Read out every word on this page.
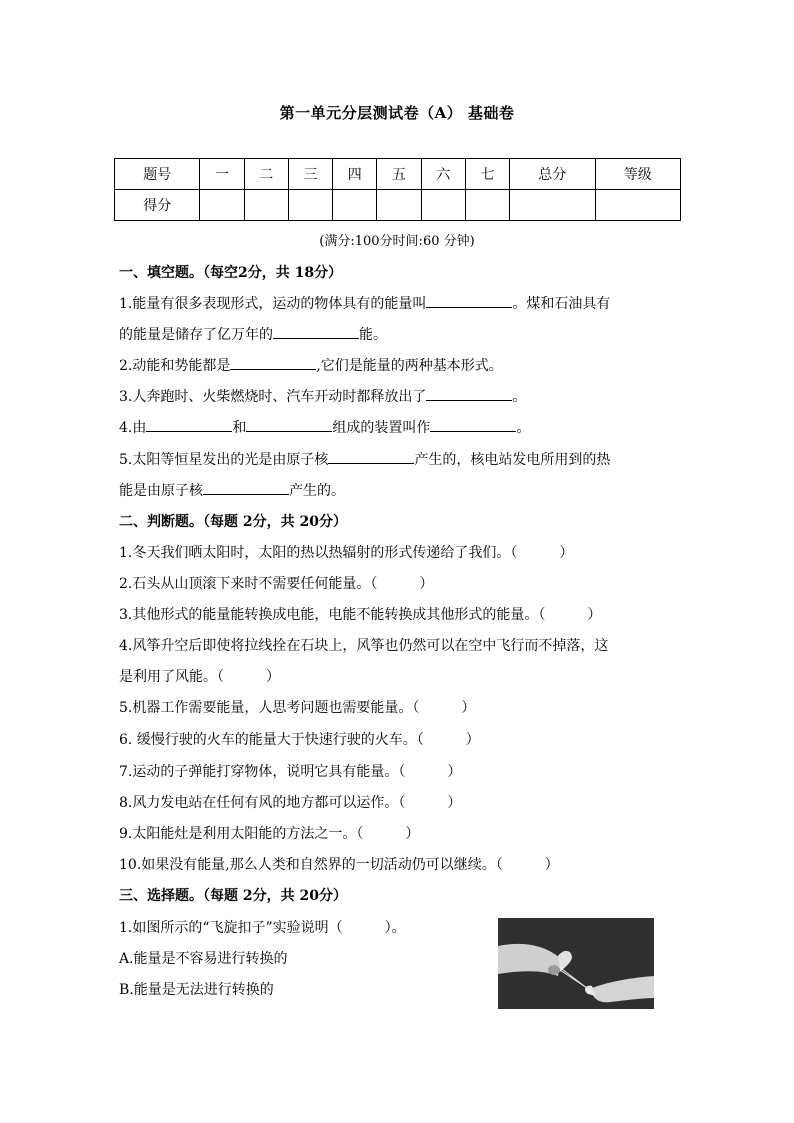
第一单元分层测试卷（A） 基础卷
题号	一	二	三	四	五	六	七	总分	等级
得分									
(满分:100分时间:60 分钟)
一、填空题。（每空2分，共 18分）
1.能量有很多表现形式，运动的物体具有的能量叫	。煤和石油具有
的能量是储存了亿万年的	能。
2.动能和势能都是	,它们是能量的两种基本形式。
3.人奔跑时、火柴燃烧时、汽车开动时都释放出了	。
4.由	和	组成的装置叫作	。
5.太阳等恒星发出的光是由原子核	产生的，核电站发电所用到的热
能是由原子核	产生的。
二、判断题。（每题 2分，共 20分）
1.冬天我们晒太阳时，太阳的热以热辐射的形式传递给了我们。（　　　）
2.石头从山顶滚下来时不需要任何能量。（　　　）
3.其他形式的能量能转换成电能，电能不能转换成其他形式的能量。（　　　）
4.风筝升空后即使将拉线拴在石块上，风筝也仍然可以在空中飞行而不掉落，这
是利用了风能。（　　　）
5.机器工作需要能量，人思考问题也需要能量。（　　　）
6. 缓慢行驶的火车的能量大于快速行驶的火车。（　　　）
7.运动的子弹能打穿物体，说明它具有能量。（　　　）
8.风力发电站在任何有风的地方都可以运作。（　　　）
9.太阳能灶是利用太阳能的方法之一。（　　　）
10.如果没有能量,那么人类和自然界的一切活动仍可以继续。（　　　）
三、选择题。（每题 2分，共 20分）
1.如图所示的“飞旋扣子”实验说明（　　　）。
A.能量是不容易进行转换的
B.能量是无法进行转换的
